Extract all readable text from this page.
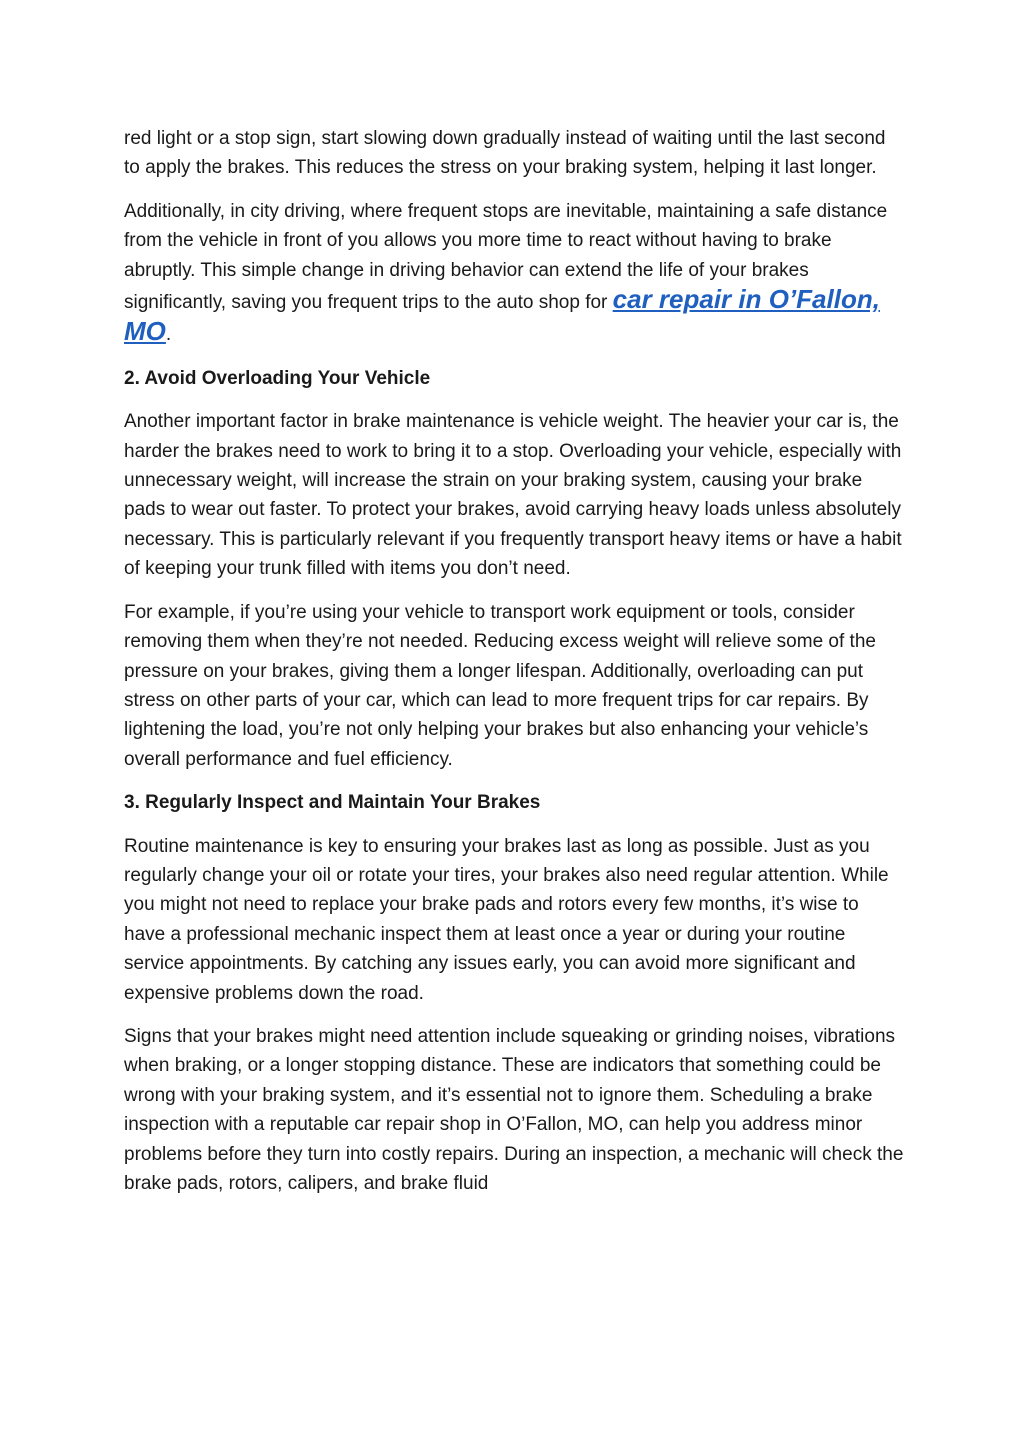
red light or a stop sign, start slowing down gradually instead of waiting until the last second to apply the brakes. This reduces the stress on your braking system, helping it last longer.

Additionally, in city driving, where frequent stops are inevitable, maintaining a safe distance from the vehicle in front of you allows you more time to react without having to brake abruptly. This simple change in driving behavior can extend the life of your brakes significantly, saving you frequent trips to the auto shop for car repair in O’Fallon, MO.

2. Avoid Overloading Your Vehicle

Another important factor in brake maintenance is vehicle weight. The heavier your car is, the harder the brakes need to work to bring it to a stop. Overloading your vehicle, especially with unnecessary weight, will increase the strain on your braking system, causing your brake pads to wear out faster. To protect your brakes, avoid carrying heavy loads unless absolutely necessary. This is particularly relevant if you frequently transport heavy items or have a habit of keeping your trunk filled with items you don’t need.

For example, if you’re using your vehicle to transport work equipment or tools, consider removing them when they’re not needed. Reducing excess weight will relieve some of the pressure on your brakes, giving them a longer lifespan. Additionally, overloading can put stress on other parts of your car, which can lead to more frequent trips for car repairs. By lightening the load, you’re not only helping your brakes but also enhancing your vehicle’s overall performance and fuel efficiency.

3. Regularly Inspect and Maintain Your Brakes

Routine maintenance is key to ensuring your brakes last as long as possible. Just as you regularly change your oil or rotate your tires, your brakes also need regular attention. While you might not need to replace your brake pads and rotors every few months, it’s wise to have a professional mechanic inspect them at least once a year or during your routine service appointments. By catching any issues early, you can avoid more significant and expensive problems down the road.

Signs that your brakes might need attention include squeaking or grinding noises, vibrations when braking, or a longer stopping distance. These are indicators that something could be wrong with your braking system, and it’s essential not to ignore them. Scheduling a brake inspection with a reputable car repair shop in O’Fallon, MO, can help you address minor problems before they turn into costly repairs. During an inspection, a mechanic will check the brake pads, rotors, calipers, and brake fluid
